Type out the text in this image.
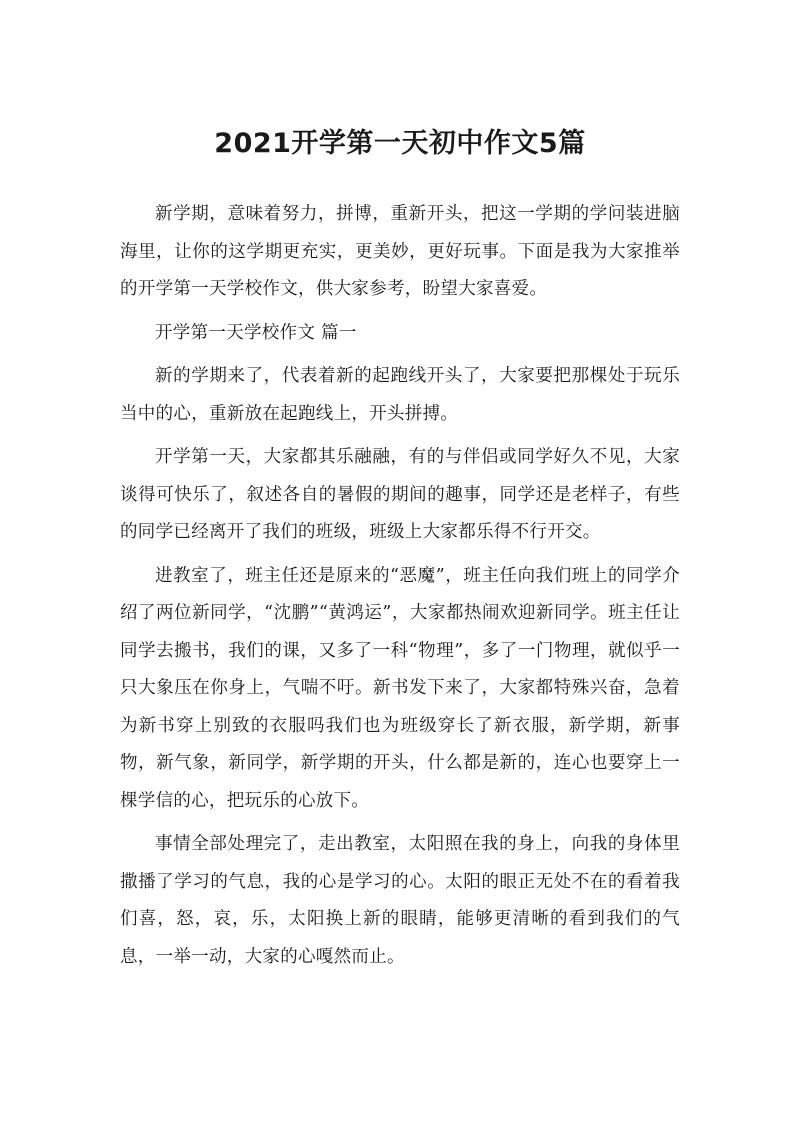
2021开学第一天初中作文5篇

新学期，意味着努力，拼博，重新开头，把这一学期的学问装进脑海里，让你的这学期更充实，更美妙，更好玩事。下面是我为大家推举的开学第一天学校作文，供大家参考，盼望大家喜爱。

开学第一天学校作文 篇一

新的学期来了，代表着新的起跑线开头了，大家要把那棵处于玩乐当中的心，重新放在起跑线上，开头拼搏。

开学第一天，大家都其乐融融，有的与伴侣或同学好久不见，大家谈得可快乐了，叙述各自的暑假的期间的趣事，同学还是老样子，有些的同学已经离开了我们的班级，班级上大家都乐得不行开交。

进教室了，班主任还是原来的“恶魔”，班主任向我们班上的同学介绍了两位新同学，“沈鹏”“黄鸿运”，大家都热闹欢迎新同学。班主任让同学去搬书，我们的课，又多了一科“物理”，多了一门物理，就似乎一只大象压在你身上，气喘不吁。新书发下来了，大家都特殊兴奋，急着为新书穿上别致的衣服吗我们也为班级穿长了新衣服，新学期，新事物，新气象，新同学，新学期的开头，什么都是新的，连心也要穿上一棵学信的心，把玩乐的心放下。

事情全部处理完了，走出教室，太阳照在我的身上，向我的身体里撒播了学习的气息，我的心是学习的心。太阳的眼正无处不在的看着我们喜，怒，哀，乐，太阳换上新的眼睛，能够更清晰的看到我们的气息，一举一动，大家的心嘎然而止。
